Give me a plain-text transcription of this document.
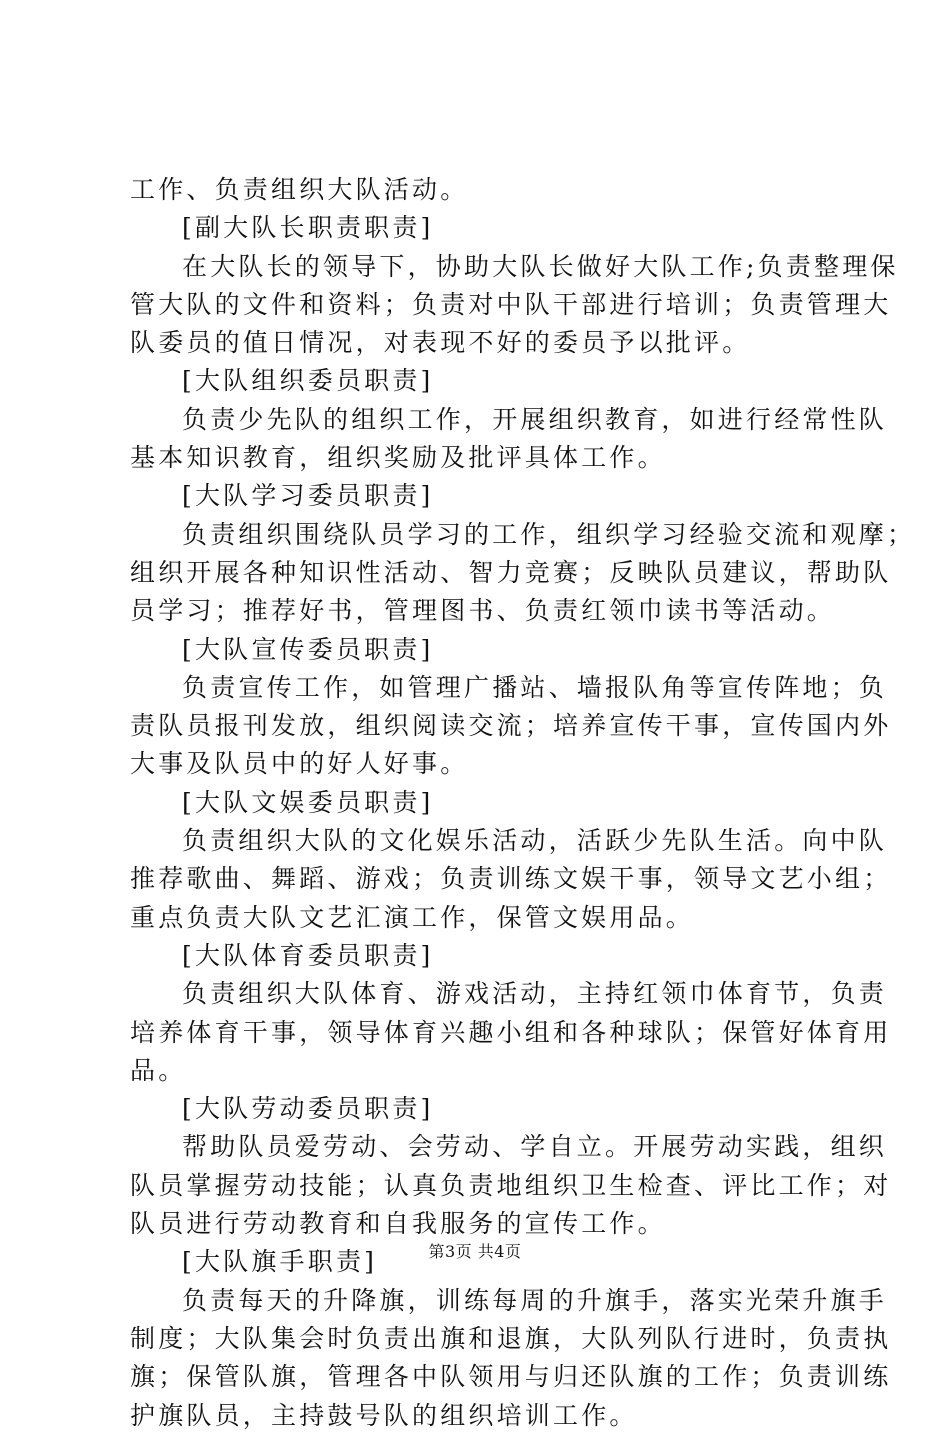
工作、负责组织大队活动。
[副大队长职责职责]
在大队长的领导下，协助大队长做好大队工作;负责整理保
管大队的文件和资料；负责对中队干部进行培训；负责管理大
队委员的值日情况，对表现不好的委员予以批评。
[大队组织委员职责]
负责少先队的组织工作，开展组织教育，如进行经常性队
基本知识教育，组织奖励及批评具体工作。
[大队学习委员职责]
负责组织围绕队员学习的工作，组织学习经验交流和观摩；
组织开展各种知识性活动、智力竞赛；反映队员建议，帮助队
员学习；推荐好书，管理图书、负责红领巾读书等活动。
[大队宣传委员职责]
负责宣传工作，如管理广播站、墙报队角等宣传阵地；负
责队员报刊发放，组织阅读交流；培养宣传干事，宣传国内外
大事及队员中的好人好事。
[大队文娱委员职责]
负责组织大队的文化娱乐活动，活跃少先队生活。向中队
推荐歌曲、舞蹈、游戏；负责训练文娱干事，领导文艺小组；
重点负责大队文艺汇演工作，保管文娱用品。
[大队体育委员职责]
负责组织大队体育、游戏活动，主持红领巾体育节，负责
培养体育干事，领导体育兴趣小组和各种球队；保管好体育用
品。
[大队劳动委员职责]
帮助队员爱劳动、会劳动、学自立。开展劳动实践，组织
队员掌握劳动技能；认真负责地组织卫生检查、评比工作；对
队员进行劳动教育和自我服务的宣传工作。
[大队旗手职责]
负责每天的升降旗，训练每周的升旗手，落实光荣升旗手
制度；大队集会时负责出旗和退旗，大队列队行进时，负责执
旗；保管队旗，管理各中队领用与归还队旗的工作；负责训练
护旗队员，主持鼓号队的组织培训工作。
第3页 共4页
